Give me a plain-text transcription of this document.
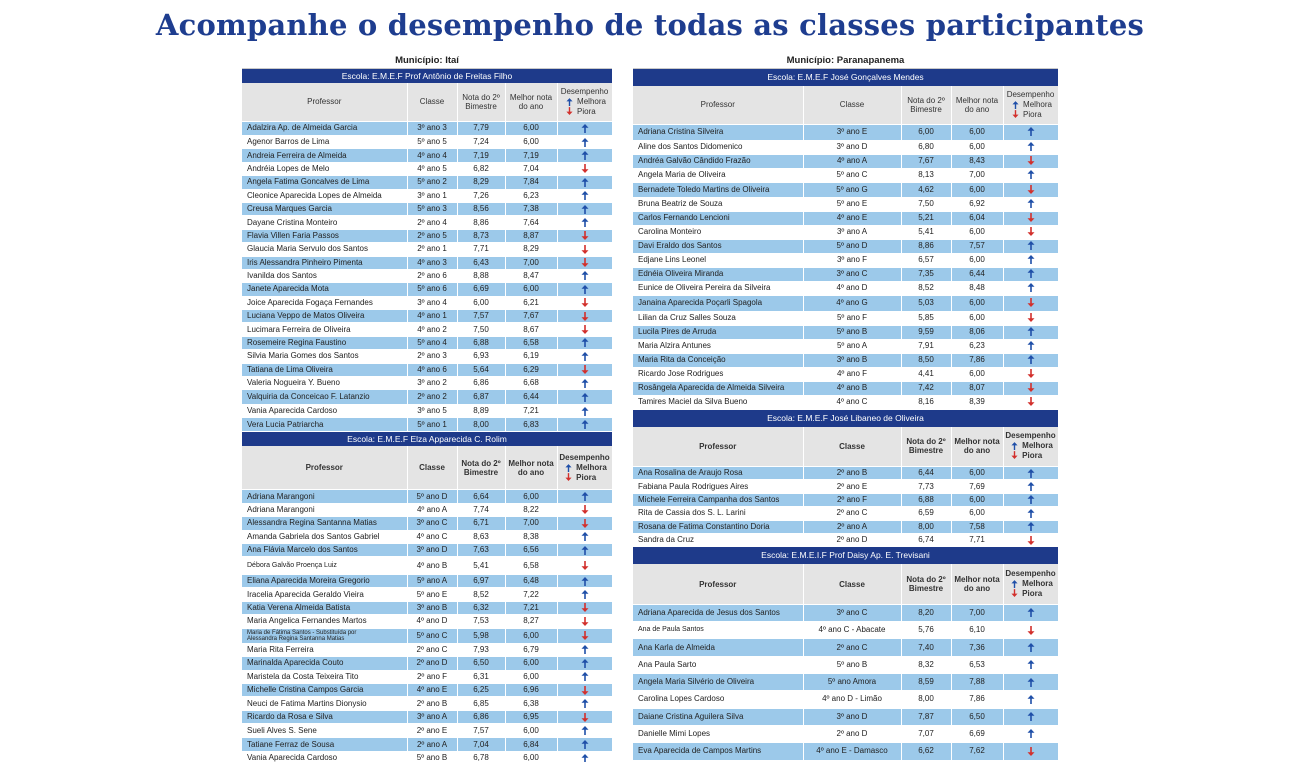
Acompanhe o desempenho de todas as classes participantes
Município: Itaí
Escola: E.M.E.F Prof Antônio de Freitas Filho
Professor	Classe	Nota do 2º Bimestre	Melhor nota do ano	Desempenho
Melhora
Piora

Adalzira Ap. de Almeida Garcia	3º ano 3	7,79	6,00	

Agenor Barros de Lima	5º ano 5	7,24	6,00	

Andreia Ferreira de Almeida	4º ano 4	7,19	7,19	

Andréia Lopes de Melo	4º ano 5	6,82	7,04	

Angela Fatima Goncalves de Lima	5º ano 2	8,29	7,84	

Cleonice Aparecida Lopes de Almeida	3º ano 1	7,26	6,23	

Creusa Marques Garcia	5º ano 3	8,56	7,38	

Dayane Cristina Monteiro	2º ano 4	8,86	7,64	

Flavia Villen Faria Passos	2º ano 5	8,73	8,87	

Glaucia Maria Servulo dos Santos	2º ano 1	7,71	8,29	

Iris Alessandra Pinheiro Pimenta	4º ano 3	6,43	7,00	

Ivanilda dos Santos	2º ano 6	8,88	8,47	

Janete Aparecida Mota	5º ano 6	6,69	6,00	

Joice Aparecida Fogaça Fernandes	3º ano 4	6,00	6,21	

Luciana Veppo de Matos Oliveira	4º ano 1	7,57	7,67	

Lucimara Ferreira de Oliveira	4º ano 2	7,50	8,67	

Rosemeire Regina Faustino	5º ano 4	6,88	6,58	

Silvia Maria Gomes dos Santos	2º ano 3	6,93	6,19	

Tatiana de Lima Oliveira	4º ano 6	5,64	6,29	

Valeria Nogueira Y. Bueno	3º ano 2	6,86	6,68	

Valquiria da Conceicao F. Latanzio	2º ano 2	6,87	6,44	

Vania Aparecida Cardoso	3º ano 5	8,89	7,21	

Vera Lucia Patriarcha	5º ano 1	8,00	6,83	
Escola: E.M.E.F Elza Apparecida C. Rolim
Professor	Classe	Nota do 2º Bimestre	Melhor nota do ano	Desempenho
Melhora
Piora

Adriana Marangoni	5º ano D	6,64	6,00	

Adriana Marangoni	4º ano A	7,74	8,22	

Alessandra Regina Santanna Matias	3º ano C	6,71	7,00	

Amanda Gabriela dos Santos Gabriel	4º ano C	8,63	8,38	

Ana Flávia Marcelo dos Santos	3º ano D	7,63	6,56	

Débora Galvão Proença Luiz	4º ano B	5,41	6,58	

Eliana Aparecida Moreira Gregorio	5º ano A	6,97	6,48	

Iracelia Aparecida Geraldo Vieira	5º ano E	8,52	7,22	

Katia Verena Almeida Batista	3º ano B	6,32	7,21	

Maria Angelica Fernandes Martos	4º ano D	7,53	8,27	

Maria de Fátima Santos - Substituída por
Alessandra Regina Santanna Matias	5º ano C	5,98	6,00	

Maria Rita Ferreira	2º ano C	7,93	6,79	

Marinalda Aparecida Couto	2º ano D	6,50	6,00	

Maristela da Costa Teixeira Tito	2º ano F	6,31	6,00	

Michelle Cristina Campos Garcia	4º ano E	6,25	6,96	

Neuci de Fatima Martins Dionysio	2º ano B	6,85	6,38	

Ricardo da Rosa e Silva	3º ano A	6,86	6,95	

Sueli Alves S. Sene	2º ano E	7,57	6,00	

Tatiane Ferraz de Sousa	2º ano A	7,04	6,84	

Vania Aparecida Cardoso	5º ano B	6,78	6,00	
Município: Paranapanema
Escola: E.M.E.F José Gonçalves Mendes
Professor	Classe	Nota do 2º Bimestre	Melhor nota do ano	Desempenho
Melhora
Piora

Adriana Cristina Silveira	3º ano E	6,00	6,00	

Aline dos Santos Didomenico	3º ano D	6,80	6,00	

Andréa Galvão Cândido Frazão	4º ano A	7,67	8,43	

Angela Maria de Oliveira	5º ano C	8,13	7,00	

Bernadete Toledo Martins de Oliveira	5º ano G	4,62	6,00	

Bruna Beatriz de Souza	5º ano E	7,50	6,92	

Carlos Fernando Lencioni	4º ano E	5,21	6,04	

Carolina Monteiro	3º ano A	5,41	6,00	

Davi Eraldo dos Santos	5º ano D	8,86	7,57	

Edjane Lins Leonel	3º ano F	6,57	6,00	

Ednéia Oliveira Miranda	3º ano C	7,35	6,44	

Eunice de Oliveira Pereira da Silveira	4º ano D	8,52	8,48	

Janaina Aparecida Poçarli Spagola	4º ano G	5,03	6,00	

Lilian da Cruz Salles Souza	5º ano F	5,85	6,00	

Lucila Pires de Arruda	5º ano B	9,59	8,06	

Maria Alzira Antunes	5º ano A	7,91	6,23	

Maria Rita da Conceição	3º ano B	8,50	7,86	

Ricardo Jose Rodrigues	4º ano F	4,41	6,00	

Rosângela Aparecida de Almeida Silveira	4º ano B	7,42	8,07	

Tamires Maciel da Silva Bueno	4º ano C	8,16	8,39	
Escola: E.M.E.F José Libaneo de Oliveira
Professor	Classe	Nota do 2º Bimestre	Melhor nota do ano	Desempenho
Melhora
Piora

Ana Rosalina de Araujo Rosa	2º ano B	6,44	6,00	

Fabiana Paula Rodrigues Aires	2º ano E	7,73	7,69	

Michele Ferreira Campanha dos Santos	2º ano F	6,88	6,00	

Rita de Cassia dos S. L. Larini	2º ano C	6,59	6,00	

Rosana de Fatima Constantino Doria	2º ano A	8,00	7,58	

Sandra da Cruz	2º ano D	6,74	7,71	
Escola: E.M.E.I.F Prof Daisy Ap. E. Trevisani
Professor	Classe	Nota do 2º Bimestre	Melhor nota do ano	Desempenho
Melhora
Piora

Adriana Aparecida de Jesus dos Santos	3º ano C	8,20	7,00	

Ana de Paula Santos	4º ano C - Abacate	5,76	6,10	

Ana Karla de Almeida	2º ano C	7,40	7,36	

Ana Paula Sarto	5º ano B	8,32	6,53	

Angela Maria Silvério de Oliveira	5º ano Amora	8,59	7,88	

Carolina Lopes Cardoso	4º ano D - Limão	8,00	7,86	

Daiane Cristina Aguilera Silva	3º ano D	7,87	6,50	

Danielle Mimi Lopes	2º ano D	7,07	6,69	

Eva Aparecida de Campos Martins	4º ano E - Damasco	6,62	7,62	
